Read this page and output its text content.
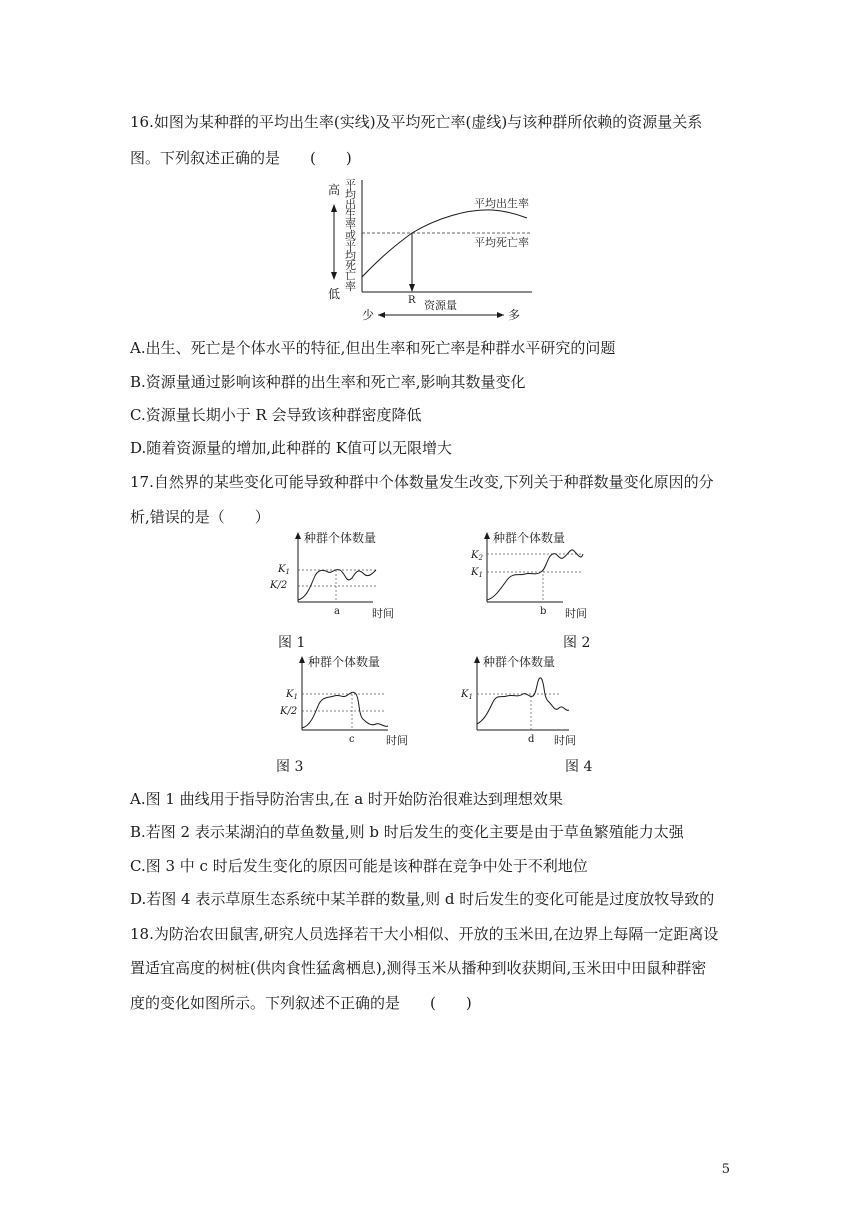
16.如图为某种群的平均出生率(实线)及平均死亡率(虚线)与该种群所依赖的资源量关系
图。下列叙述正确的是　　(　　)
高
低
平
均
出
生
率
或
平
均
死
亡
率
R
平均出生率
平均死亡率
少
资源量
多
A.出生、死亡是个体水平的特征,但出生率和死亡率是种群水平研究的问题
B.资源量通过影响该种群的出生率和死亡率,影响其数量变化
C.资源量长期小于 R 会导致该种群密度降低
D.随着资源量的增加,此种群的 K值可以无限增大
17.自然界的某些变化可能导致种群中个体数量发生改变,下列关于种群数量变化原因的分
析,错误的是（　　）
种群个体数量
$K_1$
K/2
a	时间
种群个体数量
$K_2$
$K_1$
b 时间
图 1	图 2
种群个体数量
$K_1$
K/2
c	时间
种群个体数量
$K_1$
d 时间
图 3	图 4
A.图 1 曲线用于指导防治害虫,在 a 时开始防治很难达到理想效果
B.若图 2 表示某湖泊的草鱼数量,则 b 时后发生的变化主要是由于草鱼繁殖能力太强
C.图 3 中 c 时后发生变化的原因可能是该种群在竞争中处于不利地位
D.若图 4 表示草原生态系统中某羊群的数量,则 d 时后发生的变化可能是过度放牧导致的
18.为防治农田鼠害,研究人员选择若干大小相似、开放的玉米田,在边界上每隔一定距离设
置适宜高度的树桩(供肉食性猛禽栖息),测得玉米从播种到收获期间,玉米田中田鼠种群密
度的变化如图所示。下列叙述不正确的是　　(　　)
5
